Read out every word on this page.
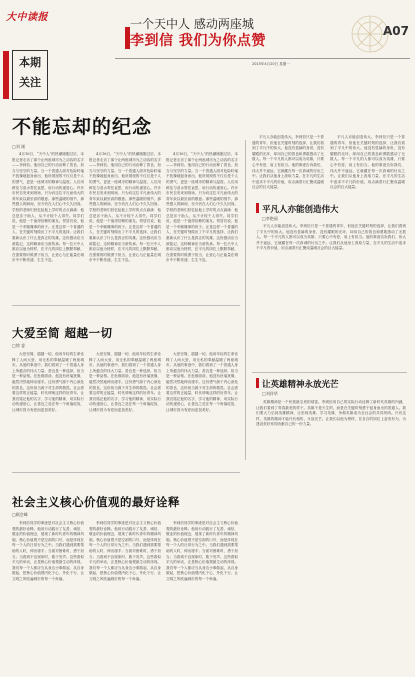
大中读报
本期
关注
一个天中人 感动两座城
李到信 我们为你点赞
A07
2015年4月20日 星期一
不能忘却的纪念
□刘 刚

4月16日，“天中人”的热潮刚刚过后，本报记者走访了那个让两座城市为之动容的名字——李到信。他用自己的行动诠释了善良、担当与坚守的力量。当一个普通人面对危险时毫不犹豫地挺身而出，他所展现的不仅仅是个人的勇气，更是一座城市的精神与温度。人们用鲜花与泪水寄托哀思，用行动传递爱心。许多市民自发来到现场，只为向这位平凡而伟大的青年致以最崇高的敬意。那些温暖的细节，那些感人的瞬间，至今仍在人们心中久久回荡。学校的老师们回忆起他上学时的点点滴滴：他总是乐于助人，从不计较个人得失。同学们说，他是一个值得信赖的朋友。邻居们说，他是一个孝顺懂事的孩子。正是这样一个普通的人，在关键时刻做出了不平凡的选择，让我们重新认识了什么是真正的英雄。这份感动应当被铭记，这种精神应当被传承。每一位天中人都应以他为榜样，在平凡的岗位上默默奉献，在需要的时候勇于担当，让爱心与正能量在城市中不断传递、生生不息。

4月16日，“天中人”的热潮刚刚过后，本报记者走访了那个让两座城市为之动容的名字——李到信。他用自己的行动诠释了善良、担当与坚守的力量。当一个普通人面对危险时毫不犹豫地挺身而出，他所展现的不仅仅是个人的勇气，更是一座城市的精神与温度。人们用鲜花与泪水寄托哀思，用行动传递爱心。许多市民自发来到现场，只为向这位平凡而伟大的青年致以最崇高的敬意。那些温暖的细节，那些感人的瞬间，至今仍在人们心中久久回荡。学校的老师们回忆起他上学时的点点滴滴：他总是乐于助人，从不计较个人得失。同学们说，他是一个值得信赖的朋友。邻居们说，他是一个孝顺懂事的孩子。正是这样一个普通的人，在关键时刻做出了不平凡的选择，让我们重新认识了什么是真正的英雄。这份感动应当被铭记，这种精神应当被传承。每一位天中人都应以他为榜样，在平凡的岗位上默默奉献，在需要的时候勇于担当，让爱心与正能量在城市中不断传递、生生不息。

4月16日，“天中人”的热潮刚刚过后，本报记者走访了那个让两座城市为之动容的名字——李到信。他用自己的行动诠释了善良、担当与坚守的力量。当一个普通人面对危险时毫不犹豫地挺身而出，他所展现的不仅仅是个人的勇气，更是一座城市的精神与温度。人们用鲜花与泪水寄托哀思，用行动传递爱心。许多市民自发来到现场，只为向这位平凡而伟大的青年致以最崇高的敬意。那些温暖的细节，那些感人的瞬间，至今仍在人们心中久久回荡。学校的老师们回忆起他上学时的点点滴滴：他总是乐于助人，从不计较个人得失。同学们说，他是一个值得信赖的朋友。邻居们说，他是一个孝顺懂事的孩子。正是这样一个普通的人，在关键时刻做出了不平凡的选择，让我们重新认识了什么是真正的英雄。这份感动应当被铭记，这种精神应当被传承。每一位天中人都应以他为榜样，在平凡的岗位上默默奉献，在需要的时候勇于担当，让爱心与正能量在城市中不断传递、生生不息。

平凡人亦能创造伟大。李到信只是一个普通的青年，但他在关键时刻的选择，让我们看到了平凡中的伟大。他没有显赫的身世，没有耀眼的光环，却用自己的善良和勇敢感动了无数人。每一个平凡的人都可以成为英雄，只要心中有爱，肩上有担当。他的事迹告诉我们，伟大并不遥远，它就藏在每一次真诚的付出之中。让我们从他身上汲取力量，在平凡的生活中追求不平凡的价值，用点滴善行汇聚成温暖社会的巨大能量。

平凡人亦能创造伟大。李到信只是一个普通的青年，但他在关键时刻的选择，让我们看到了平凡中的伟大。他没有显赫的身世，没有耀眼的光环，却用自己的善良和勇敢感动了无数人。每一个平凡的人都可以成为英雄，只要心中有爱，肩上有担当。他的事迹告诉我们，伟大并不遥远，它就藏在每一次真诚的付出之中。让我们从他身上汲取力量，在平凡的生活中追求不平凡的价值，用点滴善行汇聚成温暖社会的巨大能量。

平凡人亦能创造伟大
□李艳丽

平凡人亦能创造伟大。李到信只是一个普通的青年，但他在关键时刻的选择，让我们看到了平凡中的伟大。他没有显赫的身世，没有耀眼的光环，却用自己的善良和勇敢感动了无数人。每一个平凡的人都可以成为英雄，只要心中有爱，肩上有担当。他的事迹告诉我们，伟大并不遥远，它就藏在每一次真诚的付出之中。让我们从他身上汲取力量，在平凡的生活中追求不平凡的价值，用点滴善行汇聚成温暖社会的巨大能量。

让英雄精神永放光芒
□刘祥华

英雄精神是一个民族最宝贵的财富。李到信用自己的实际行动诠释了新时代英雄的内涵，让我们看到了青春最美的样子。英雄不是天生的，而是在关键时刻勇于挺身而出的普通人。我们要大力弘扬英雄精神，让崇尚英雄、学习英雄、争做英雄成为全社会的共同风尚。只有这样，英雄的精神才能代代相传，永放光芒。让我们以他为榜样，在各自的岗位上奋发有为，为建设美好家园贡献自己的一份力量。

大爱至简 超越一切
□徐 睿

大爱至简，超越一切。他用年轻的生命诠释了人间大爱，用无私的奉献温暖了两座城市。从他的事迹中，我们看到了一个普通人身上所蕴含的伟大力量。善良是一种选择，担当是一种品格。在危难面前，他没有丝毫犹豫，毅然决然地伸出援手。这份勇气源于内心深处的善良，这份担当源于对生命的敬畏。社会需要这样的正能量，时代呼唤这样的好青年。让我们铭记他的名字，学习他的精神，用实际行动传递爱心，让善良之花在每一个角落绽放，让城市因为有爱而更加美好。

大爱至简，超越一切。他用年轻的生命诠释了人间大爱，用无私的奉献温暖了两座城市。从他的事迹中，我们看到了一个普通人身上所蕴含的伟大力量。善良是一种选择，担当是一种品格。在危难面前，他没有丝毫犹豫，毅然决然地伸出援手。这份勇气源于内心深处的善良，这份担当源于对生命的敬畏。社会需要这样的正能量，时代呼唤这样的好青年。让我们铭记他的名字，学习他的精神，用实际行动传递爱心，让善良之花在每一个角落绽放，让城市因为有爱而更加美好。

大爱至简，超越一切。他用年轻的生命诠释了人间大爱，用无私的奉献温暖了两座城市。从他的事迹中，我们看到了一个普通人身上所蕴含的伟大力量。善良是一种选择，担当是一种品格。在危难面前，他没有丝毫犹豫，毅然决然地伸出援手。这份勇气源于内心深处的善良，这份担当源于对生命的敬畏。社会需要这样的正能量，时代呼唤这样的好青年。让我们铭记他的名字，学习他的精神，用实际行动传递爱心，让善良之花在每一个角落绽放，让城市因为有爱而更加美好。

社会主义核心价值观的最好诠释
□顾会峰

李到信同学的事迹是对社会主义核心价值观的最好诠释。他用行动践行了友善、诚信、敬业的价值理念，展现了新时代青年的精神风貌。核心价值观不是空洞的口号，而是体现在每一个人的日常行为之中。当我们遇到需要帮助的人时，伸出援手；当面对困难时，勇于担当；当看到不良现象时，敢于发声。这些看似平凡的举动，正是核心价值观最生动的体现。我们每一个人都应当从身边小事做起，从自身做起，把核心价值观内化于心、外化于行，让文明之风吹遍城市的每一个角落。

李到信同学的事迹是对社会主义核心价值观的最好诠释。他用行动践行了友善、诚信、敬业的价值理念，展现了新时代青年的精神风貌。核心价值观不是空洞的口号，而是体现在每一个人的日常行为之中。当我们遇到需要帮助的人时，伸出援手；当面对困难时，勇于担当；当看到不良现象时，敢于发声。这些看似平凡的举动，正是核心价值观最生动的体现。我们每一个人都应当从身边小事做起，从自身做起，把核心价值观内化于心、外化于行，让文明之风吹遍城市的每一个角落。

李到信同学的事迹是对社会主义核心价值观的最好诠释。他用行动践行了友善、诚信、敬业的价值理念，展现了新时代青年的精神风貌。核心价值观不是空洞的口号，而是体现在每一个人的日常行为之中。当我们遇到需要帮助的人时，伸出援手；当面对困难时，勇于担当；当看到不良现象时，敢于发声。这些看似平凡的举动，正是核心价值观最生动的体现。我们每一个人都应当从身边小事做起，从自身做起，把核心价值观内化于心、外化于行，让文明之风吹遍城市的每一个角落。
